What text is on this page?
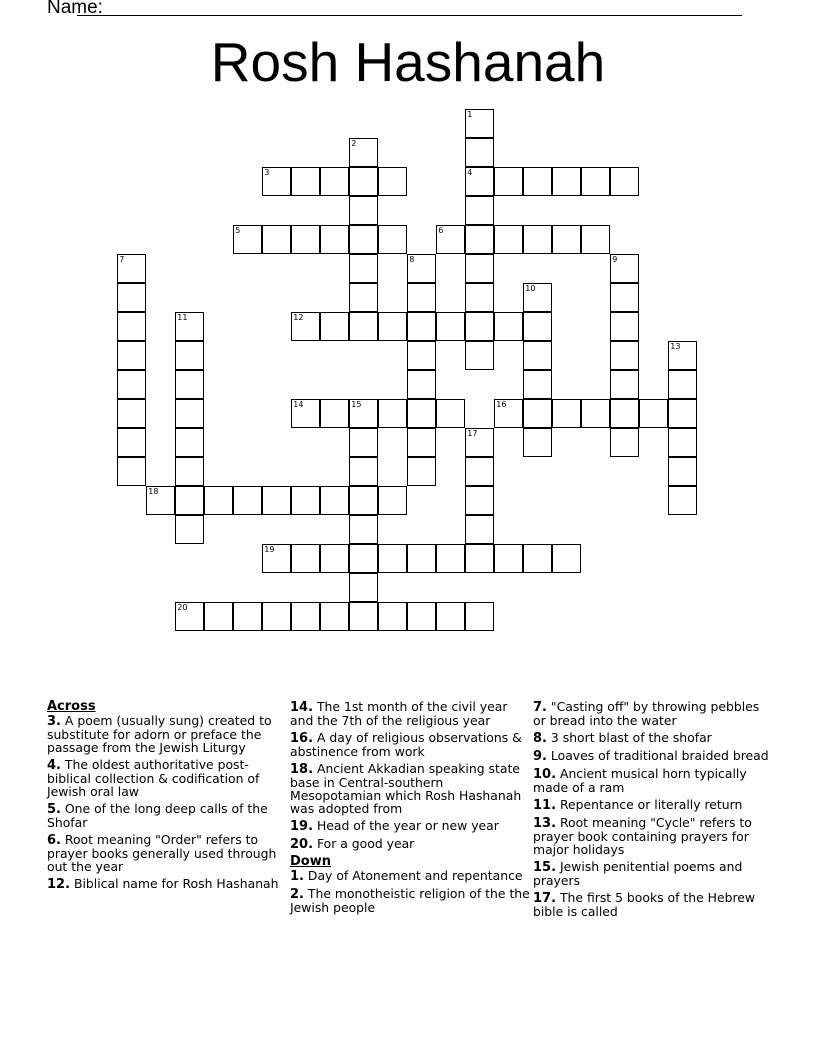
Name:
Rosh Hashanah
1
4
2
3
5	6
7	8	9
10
11	12
13
14	15	16
17
18
19
20
Across
3. A poem (usually sung) created to substitute for adorn or preface the passage from the Jewish Liturgy
4. The oldest authoritative post-biblical collection & codification of Jewish oral law
5. One of the long deep calls of the Shofar
6. Root meaning "Order" refers to prayer books generally used through out the year
12. Biblical name for Rosh Hashanah
14. The 1st month of the civil year and the 7th of the religious year
16. A day of religious observations & abstinence from work
18. Ancient Akkadian speaking state base in Central-southern Mesopotamian which Rosh Hashanah was adopted from
19. Head of the year or new year
20. For a good year
Down
1. Day of Atonement and repentance
2. The monotheistic religion of the the Jewish people
7. "Casting off" by throwing pebbles or bread into the water
8. 3 short blast of the shofar
9. Loaves of traditional braided bread
10. Ancient musical horn typically made of a ram
11. Repentance or literally return
13. Root meaning "Cycle" refers to prayer book containing prayers for major holidays
15. Jewish penitential poems and prayers
17. The first 5 books of the Hebrew bible is called
